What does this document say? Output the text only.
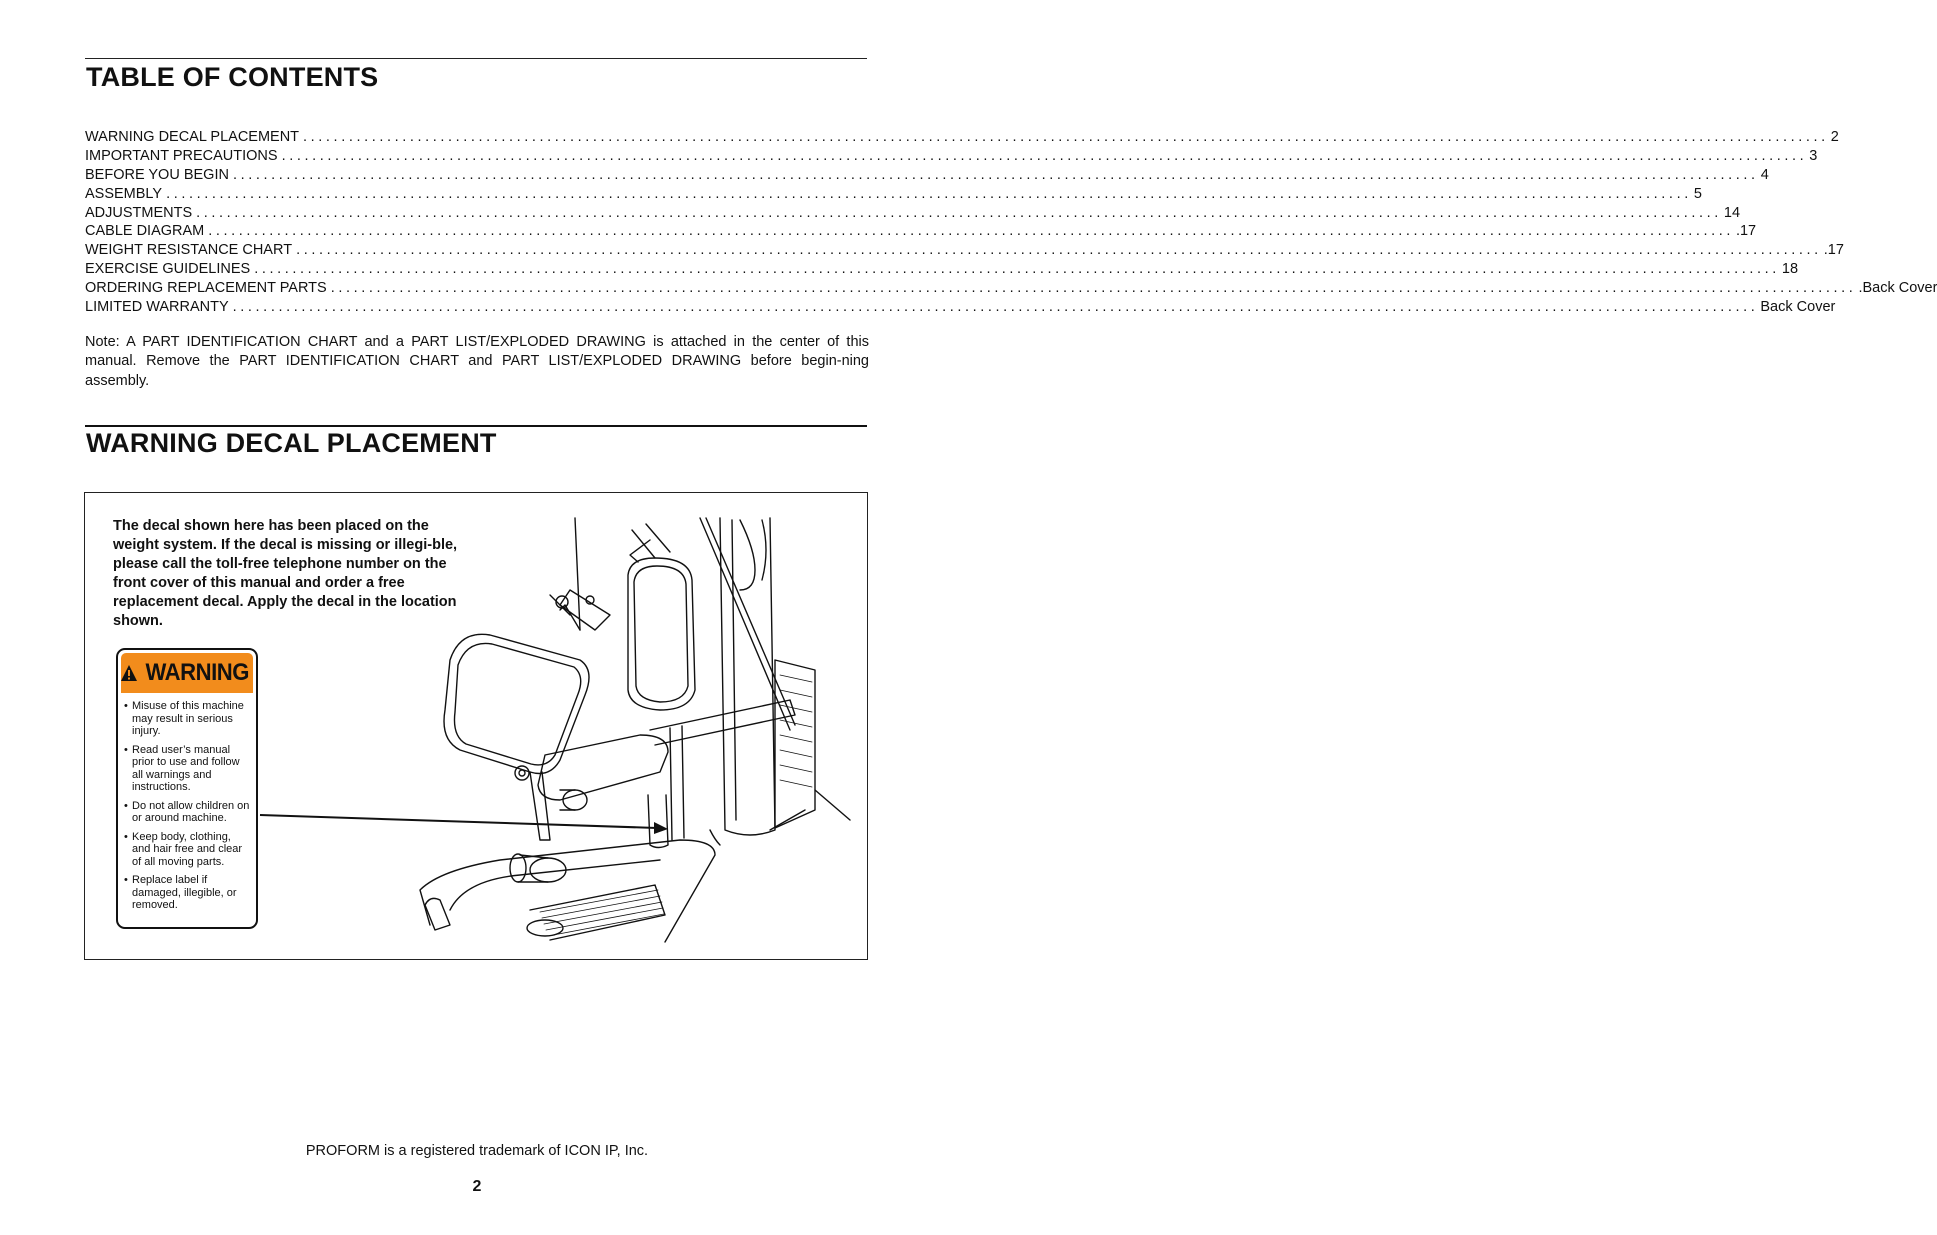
TABLE OF CONTENTS
WARNING DECAL PLACEMENT ........................................................................................................................................................................................................ 2
IMPORTANT PRECAUTIONS ........................................................................................................................................................................................................ 3
BEFORE YOU BEGIN ........................................................................................................................................................................................................ 4
ASSEMBLY ........................................................................................................................................................................................................ 5
ADJUSTMENTS ........................................................................................................................................................................................................ 14
CABLE DIAGRAM ........................................................................................................................................................................................................ .17
WEIGHT RESISTANCE CHART ........................................................................................................................................................................................................ .17
EXERCISE GUIDELINES ........................................................................................................................................................................................................ 18
ORDERING REPLACEMENT PARTS ........................................................................................................................................................................................................ .Back Cover
LIMITED WARRANTY ........................................................................................................................................................................................................ Back Cover
Note: A PART IDENTIFICATION CHART and a PART LIST/EXPLODED DRAWING is attached in the center of this manual. Remove the PART IDENTIFICATION CHART and PART LIST/EXPLODED DRAWING before begin-ning assembly.
WARNING DECAL PLACEMENT
The decal shown here has been placed on the weight system. If the decal is missing or illegi-ble, please call the toll-free telephone number on the front cover of this manual and order a free replacement decal. Apply the decal in the location shown.
WARNING
• Misuse of this machine may result in serious injury.
• Read user’s manual prior to use and follow all warnings and instructions.
• Do not allow children on or around machine.
• Keep body, clothing, and hair free and clear of all moving parts.
• Replace label if damaged, illegible, or removed.
PROFORM is a registered trademark of ICON IP, Inc.
2
